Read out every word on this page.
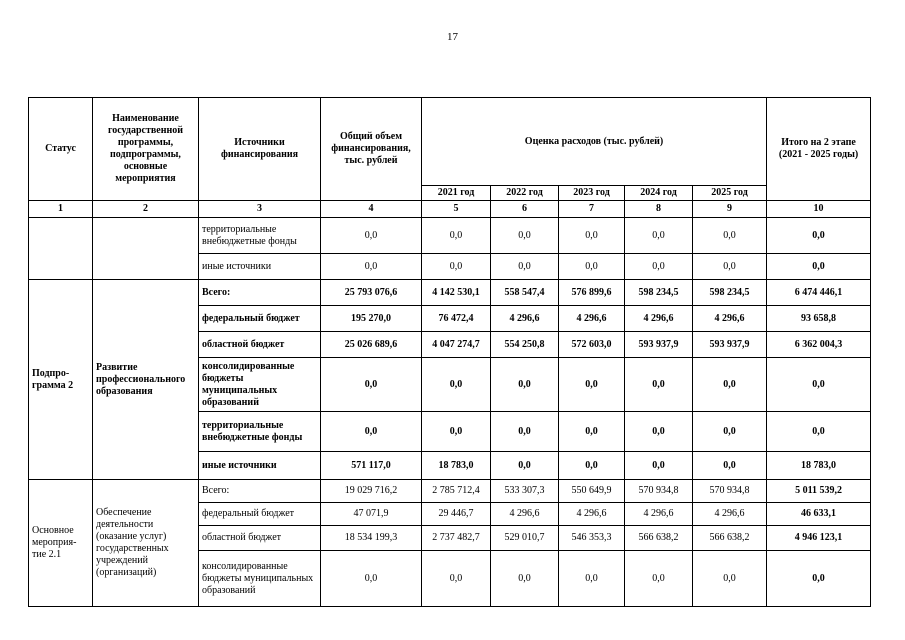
17
Статус	Наименование государственной программы, подпрограммы, основные мероприятия	Источники финансирования	Общий объем финансирования, тыс. рублей	Оценка расходов (тыс. рублей)					Итого на 2 этапе (2021 - 2025 годы)
				2021 год	2022 год	2023 год	2024 год	2025 год	
1	2	3	4	5	6	7	8	9	10
		территориальные внебюджетные фонды	0,0	0,0	0,0	0,0	0,0	0,0	0,0
		иные источники	0,0	0,0	0,0	0,0	0,0	0,0	0,0
Подпро-грамма 2	Развитие профессионального образования	Всего:	25 793 076,6	4 142 530,1	558 547,4	576 899,6	598 234,5	598 234,5	6 474 446,1
		федеральный бюджет	195 270,0	76 472,4	4 296,6	4 296,6	4 296,6	4 296,6	93 658,8
		областной бюджет	25 026 689,6	4 047 274,7	554 250,8	572 603,0	593 937,9	593 937,9	6 362 004,3
		консолидированные бюджеты муниципальных образований	0,0	0,0	0,0	0,0	0,0	0,0	0,0
		территориальные внебюджетные фонды	0,0	0,0	0,0	0,0	0,0	0,0	0,0
		иные источники	571 117,0	18 783,0	0,0	0,0	0,0	0,0	18 783,0
Основное мероприя-тие 2.1	Обеспечение деятельности (оказание услуг) государственных учреждений (организаций)	Всего:	19 029 716,2	2 785 712,4	533 307,3	550 649,9	570 934,8	570 934,8	5 011 539,2
		федеральный бюджет	47 071,9	29 446,7	4 296,6	4 296,6	4 296,6	4 296,6	46 633,1
		областной бюджет	18 534 199,3	2 737 482,7	529 010,7	546 353,3	566 638,2	566 638,2	4 946 123,1
		консолидированные бюджеты муниципальных образований	0,0	0,0	0,0	0,0	0,0	0,0	0,0
